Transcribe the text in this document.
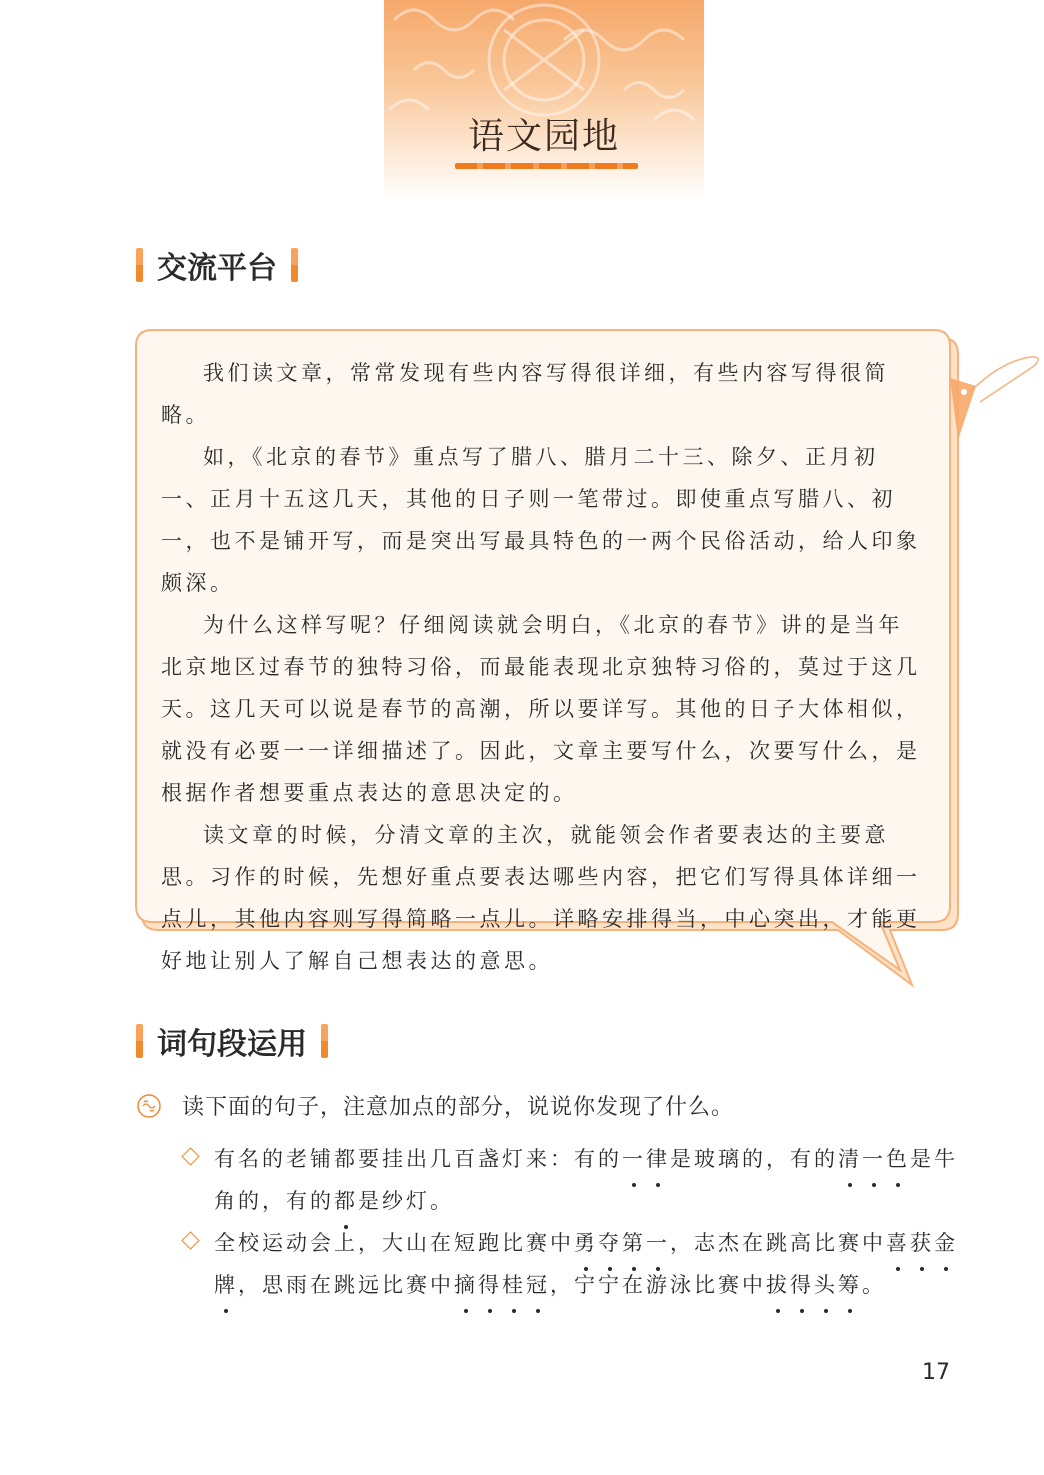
语文园地
交流平台

我们读文章，常常发现有些内容写得很详细，有些内容写得很简略。

如，《北京的春节》重点写了腊八、腊月二十三、除夕、正月初一、正月十五这几天，其他的日子则一笔带过。即使重点写腊八、初一，也不是铺开写，而是突出写最具特色的一两个民俗活动，给人印象颇深。

为什么这样写呢？仔细阅读就会明白，《北京的春节》讲的是当年北京地区过春节的独特习俗，而最能表现北京独特习俗的，莫过于这几天。这几天可以说是春节的高潮，所以要详写。其他的日子大体相似，就没有必要一一详细描述了。因此，文章主要写什么，次要写什么，是根据作者想要重点表达的意思决定的。

读文章的时候，分清文章的主次，就能领会作者要表达的主要意思。习作的时候，先想好重点要表达哪些内容，把它们写得具体详细一点儿，其他内容则写得简略一点儿。详略安排得当，中心突出，才能更好地让别人了解自己想表达的意思。

词句段运用
读下面的句子，注意加点的部分，说说你发现了什么。
有名的老铺都要挂出几百盏灯来：有的一律是玻璃的，有的清一色是牛角的，有的都是纱灯。
全校运动会上，大山在短跑比赛中勇夺第一，志杰在跳高比赛中喜获金牌，思雨在跳远比赛中摘得桂冠，宁宁在游泳比赛中拔得头筹。
17
